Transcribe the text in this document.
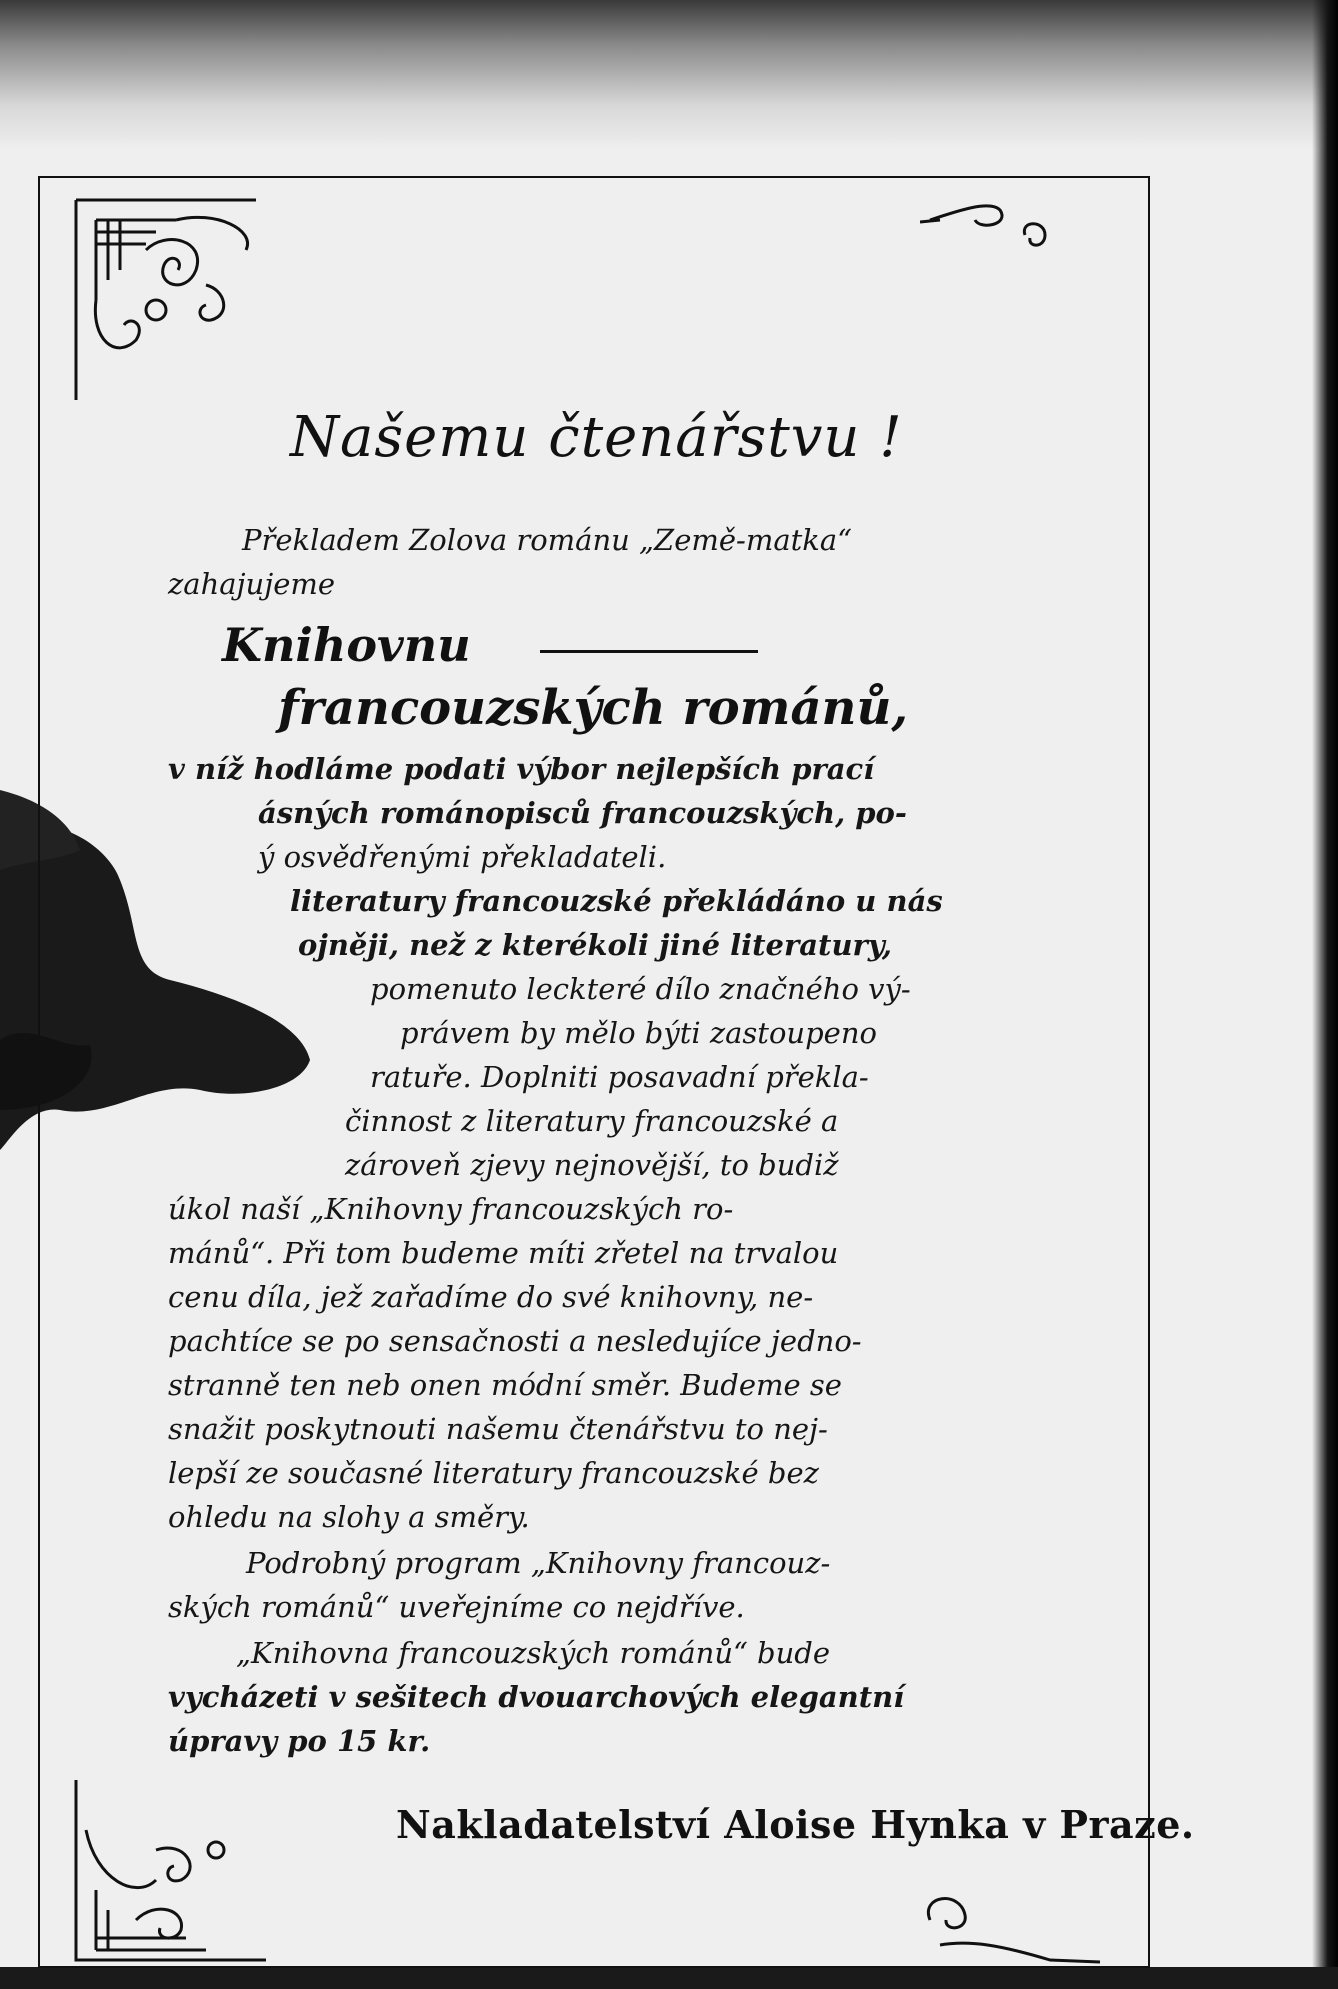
Našemu čtenářstvu !
Překladem Zolova románu „Země-matka“
zahajujeme
Knihovnu
francouzských románů,
v níž hodláme podati výbor nejlepších prací
ásných románopisců francouzských, po-
ý osvědřenými překladateli.
literatury francouzské překládáno u nás
ojněji, než z kterékoli jiné literatury,
pomenuto leckteré dílo značného vý-
právem by mělo býti zastoupeno
ratuře. Doplniti posavadní překla-
činnost z literatury francouzské a
zároveň zjevy nejnovější, to budiž
úkol naší „Knihovny francouzských ro-
mánů“. Při tom budeme míti zřetel na trvalou
cenu díla, jež zařadíme do své knihovny, ne-
pachtíce se po sensačnosti a nesledujíce jedno-
stranně ten neb onen módní směr. Budeme se
snažit poskytnouti našemu čtenářstvu to nej-
lepší ze současné literatury francouzské bez
ohledu na slohy a směry.
Podrobný program „Knihovny francouz-
ských románů“ uveřejníme co nejdříve.
„Knihovna francouzských románů“ bude
vycházeti v sešitech dvouarchových elegantní
úpravy po 15 kr.
Nakladatelství Aloise Hynka v Praze.
